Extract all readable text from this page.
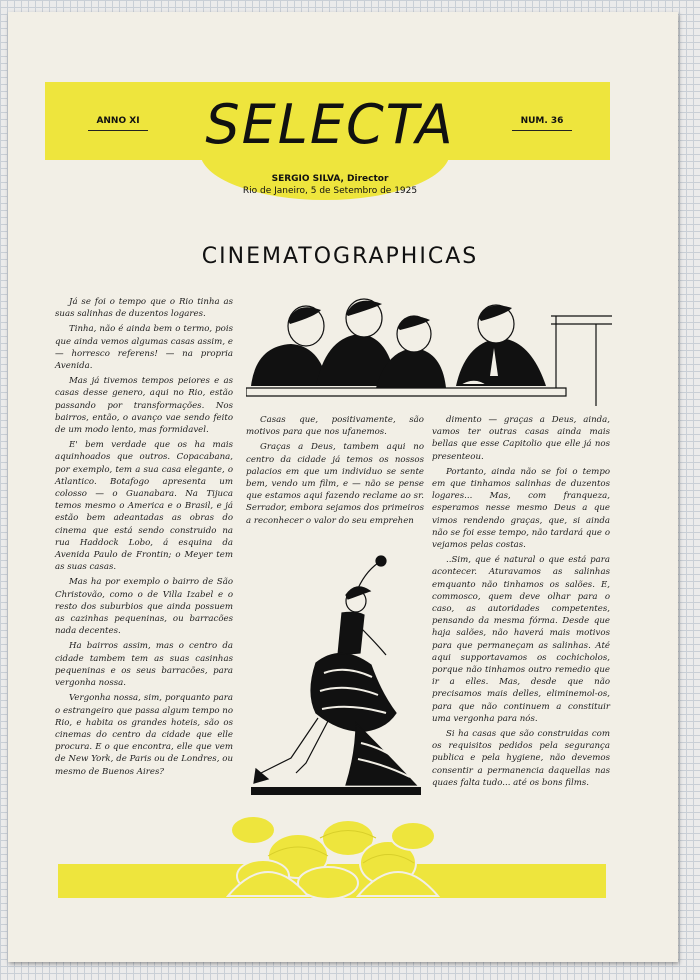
ANNO XI	NUM. 36
SELECTA
SERGIO SILVA, Director
Rio de Janeiro, 5 de Setembro de 1925
CINEMATOGRAPHICAS

Já se foi o tempo que o Rio tinha as suas salinhas de duzentos logares.

Tinha, não é ainda bem o termo, pois que ainda vemos algumas casas assim, e — horresco referens! — na propria Avenida.

Mas já tivemos tempos peiores e as casas desse genero, aqui no Rio, estão passando por transformações. Nos bairros, então, o avanço vae sendo feito de um modo lento, mas formidavel.

E' bem verdade que os ha mais aquinhoados que outros. Copacabana, por exemplo, tem a sua casa elegante, o Atlantico. Botafogo apresenta um colosso — o Guanabara. Na Tijuca temos mesmo o America e o Brasil, e já estão bem adeantadas as obras do cinema que está sendo construido na rua Haddock Lobo, á esquina da Avenida Paulo de Frontin; o Meyer tem as suas casas.

Mas ha por exemplo o bairro de São Christovão, como o de Villa Izabel e o resto dos suburbios que ainda possuem as cazinhas pequeninas, ou barracões nada decentes.

Ha bairros assim, mas o centro da cidade tambem tem as suas casinhas pequeninas e os seus barracões, para vergonha nossa.

Vergonha nossa, sim, porquanto para o estrangeiro que passa algum tempo no Rio, e habita os grandes hoteis, são os cinemas do centro da cidade que elle procura. E o que encontra, elle que vem de New York, de Paris ou de Londres, ou mesmo de Buenos Aires?

Casas que, positivamente, são motivos para que nos ufanemos.

Graças a Deus, tambem aqui no centro da cidade já temos os nossos palacios em que um individuo se sente bem, vendo um film, e — não se pense que estamos aqui fazendo reclame ao sr. Serrador, embora sejamos dos primeiros a reconhecer o valor do seu emprehen

dimento — graças a Deus, ainda, vamos ter outras casas ainda mais bellas que esse Capitolio que elle já nos presenteou.

Portanto, ainda não se foi o tempo em que tinhamos salinhas de duzentos logares... Mas, com franqueza, esperamos nesse mesmo Deus a que vimos rendendo graças, que, si ainda não se foi esse tempo, não tardará que o vejamos pelas costas.

..Sim, que é natural o que está para acontecer. Aturavamos as salinhas emquanto não tinhamos os salões. E, commosco, quem deve olhar para o caso, as autoridades competentes, pensando da mesma fórma. Desde que haja salões, não haverá mais motivos para que permaneçam as salinhas. Até aqui supportavamos os cochicholos, porque não tinhamos outro remedio que ir a elles. Mas, desde que não precisamos mais delles, eliminemol-os, para que não continuem a constituir uma vergonha para nós.

Si ha casas que são construidas com os requisitos pedidos pela segurança publica e pela hygiene, não devemos consentir a permanencia daquellas nas quaes falta tudo... até os bons films.
